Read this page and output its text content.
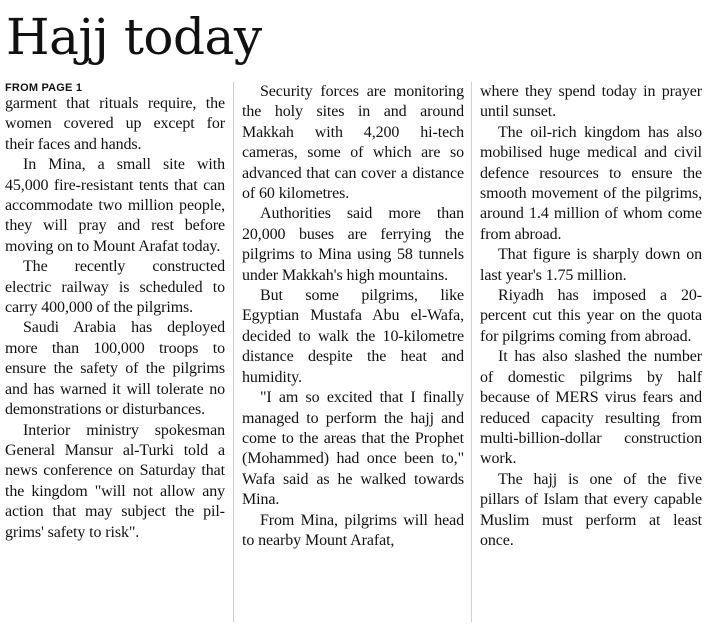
Hajj today
FROM PAGE 1

garment that rituals require, the women covered up except for their faces and hands.

In Mina, a small site with 45,000 fire-resistant tents that can accommodate two million people, they will pray and rest before moving on to Mount Arafat today.

The recently constructed electric railway is scheduled to carry 400,000 of the pilgrims.

Saudi Arabia has deployed more than 100,000 troops to ensure the safety of the pilgrims and has warned it will tolerate no demonstrations or disturbances.

Interior ministry spokesman General Mansur al-Turki told a news conference on Saturday that the kingdom "will not allow any action that may subject the pilgrims' safety to risk".

Security forces are monitoring the holy sites in and around Makkah with 4,200 hi-tech cameras, some of which are so advanced that can cover a distance of 60 kilometres.

Authorities said more than 20,000 buses are ferrying the pilgrims to Mina using 58 tunnels under Makkah's high mountains.

But some pilgrims, like Egyptian Mustafa Abu el-Wafa, decided to walk the 10-kilometre distance despite the heat and humidity.

"I am so excited that I finally managed to perform the hajj and come to the areas that the Prophet (Mohammed) had once been to," Wafa said as he walked towards Mina.

From Mina, pilgrims will head to nearby Mount Arafat,

where they spend today in prayer until sunset.

The oil-rich kingdom has also mobilised huge medical and civil defence resources to ensure the smooth movement of the pilgrims, around 1.4 million of whom come from abroad.

That figure is sharply down on last year's 1.75 million.

Riyadh has imposed a 20-percent cut this year on the quota for pilgrims coming from abroad.

It has also slashed the number of domestic pilgrims by half because of MERS virus fears and reduced capacity resulting from multi-billion-dollar construction work.

The hajj is one of the five pillars of Islam that every capable Muslim must perform at least once.
